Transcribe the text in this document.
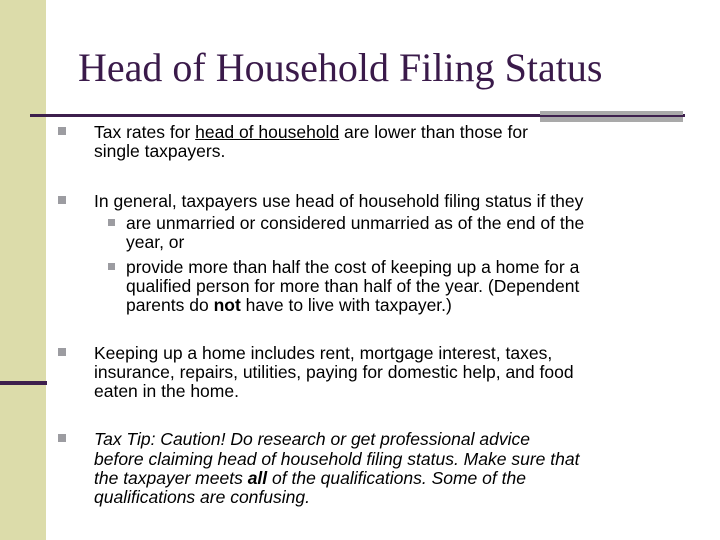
Head of Household Filing Status
Tax rates for head of household are lower than those for
single taxpayers.
In general, taxpayers use head of household filing status if they
are unmarried or considered unmarried as of the end of the
year, or
provide more than half the cost of keeping up a home for a
qualified person for more than half of the year. (Dependent
parents do not have to live with taxpayer.)
Keeping up a home includes rent, mortgage interest, taxes,
insurance, repairs, utilities, paying for domestic help, and food
eaten in the home.
Tax Tip: Caution! Do research or get professional advice
before claiming head of household filing status. Make sure that
the taxpayer meets all of the qualifications. Some of the
qualifications are confusing.
